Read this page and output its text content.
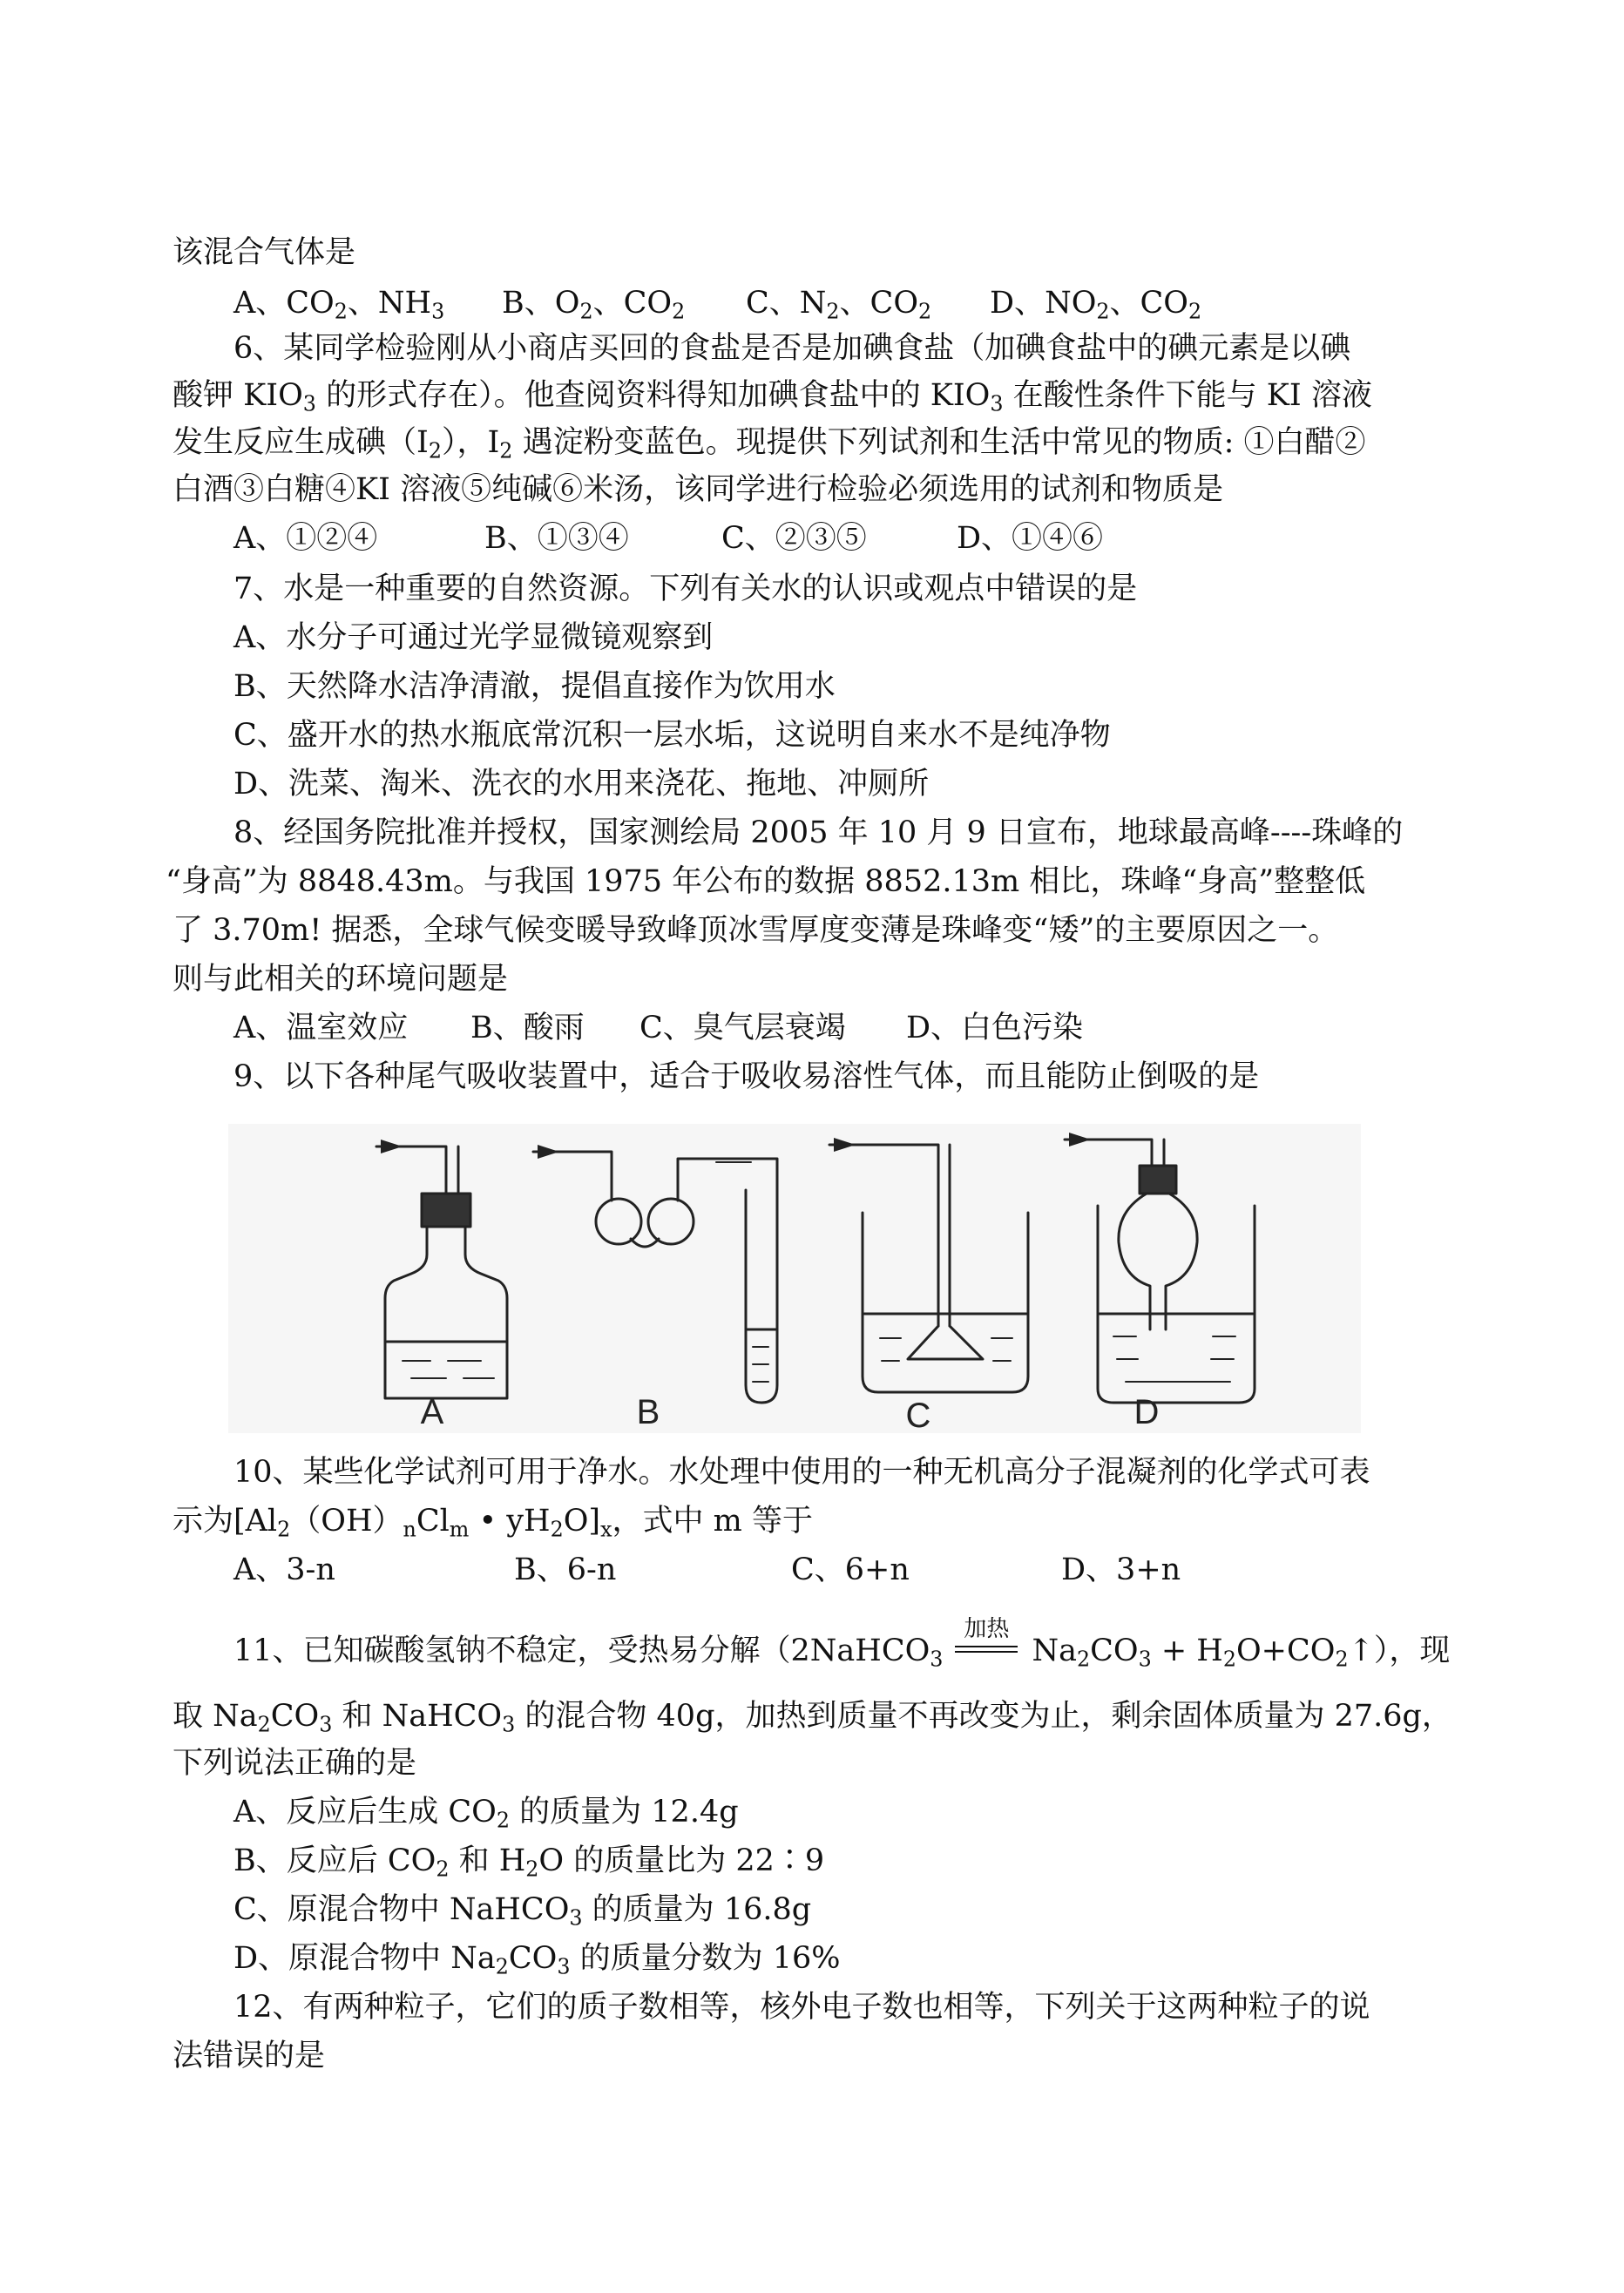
该混合气体是
A、$CO_2$、$NH_3$ B、$O_2$、$CO_2$ C、$N_2$、$CO_2$ D、$NO_2$、$CO_2$
6、某同学检验刚从小商店买回的食盐是否是加碘食盐（加碘食盐中的碘元素是以碘
酸钾 $KIO_3$ 的形式存在）。他查阅资料得知加碘食盐中的 $KIO_3$ 在酸性条件下能与 KI 溶液
发生反应生成碘$(I_2)$，$I_2$ 遇淀粉变蓝色。现提供下列试剂和生活中常见的物质: ①白醋②
白酒③白糖④KI 溶液⑤纯碱⑥米汤，该同学进行检验必须选用的试剂和物质是
A、①②④	B、①③④	C、②③⑤	D、①④⑥
7、水是一种重要的自然资源。下列有关水的认识或观点中错误的是
A、水分子可通过光学显微镜观察到
B、天然降水洁净清澈，提倡直接作为饮用水
C、盛开水的热水瓶底常沉积一层水垢，这说明自来水不是纯净物
D、洗菜、淘米、洗衣的水用来浇花、拖地、冲厕所
8、经国务院批准并授权，国家测绘局 2005 年 10 月 9 日宣布，地球最高峰----珠峰的
“身高”为 8848.43m。与我国 1975 年公布的数据 8852.13m 相比，珠峰“身高”整整低
了 3.70m! 据悉，全球气候变暖导致峰顶冰雪厚度变薄是珠峰变“矮”的主要原因之一。
则与此相关的环境问题是
A、温室效应 B、酸雨 C、臭气层衰竭 D、白色污染
9、以下各种尾气吸收装置中，适合于吸收易溶性气体，而且能防止倒吸的是
A	B	C	D
10、某些化学试剂可用于净水。水处理中使用的一种无机高分子混凝剂的化学式可表
示为[$Al_2(OH)_nCl_m$ • $yH_2O]_x$，式中 m 等于
A、3-n	B、6-n	C、6+n	D、3+n
11、已知碳酸氢钠不稳定，受热易分解（2NaHCO$_3$
加热
$Na_2CO_3$ + $H_2O+CO_2↑$），现
取 $Na_2CO_3$ 和 NaHCO$_3$ 的混合物 40g，加热到质量不再改变为止，剩余固体质量为 27.6g，
下列说法正确的是
A、反应后生成 $CO_2$ 的质量为 12.4g
B、反应后 $CO_2$ 和 $H_2O$ 的质量比为 22∶9
C、原混合物中 NaHCO$_3$ 的质量为 16.8g
D、原混合物中 $Na_2CO_3$ 的质量分数为 16%
12、有两种粒子，它们的质子数相等，核外电子数也相等，下列关于这两种粒子的说
法错误的是
